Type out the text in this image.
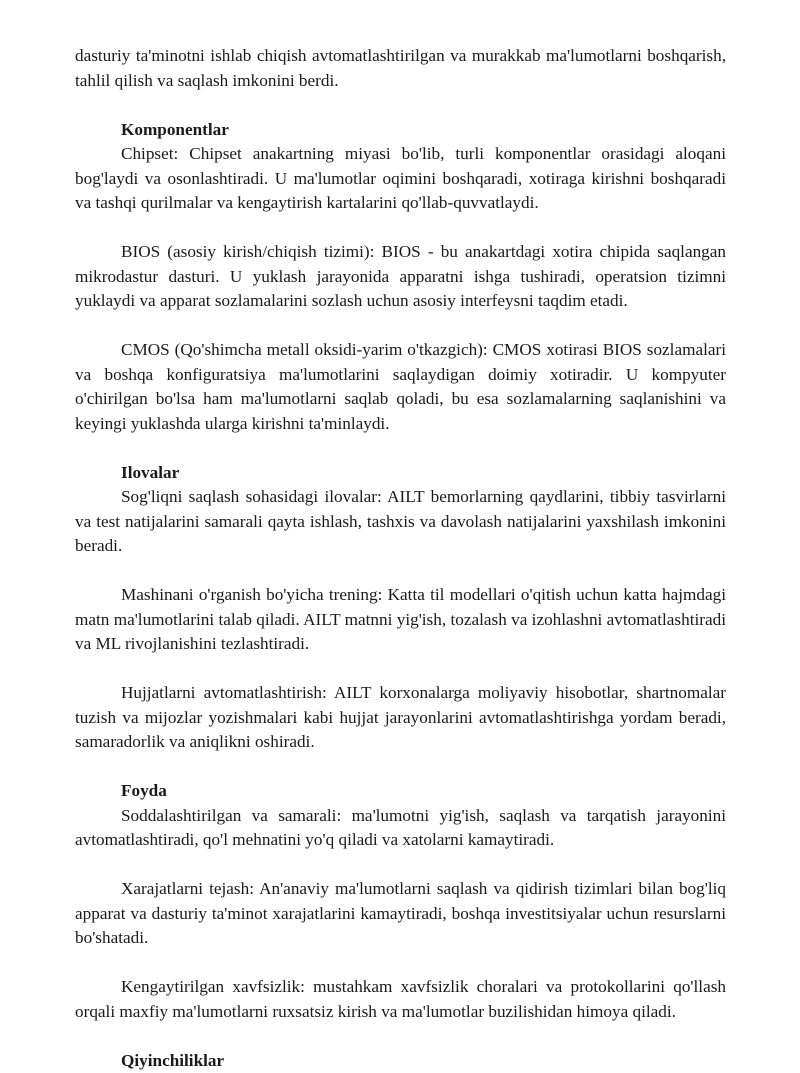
dasturiy ta'minotni ishlab chiqish avtomatlashtirilgan va murakkab ma'lumotlarni boshqarish, tahlil qilish va saqlash imkonini berdi.

Komponentlar

Chipset: Chipset anakartning miyasi bo'lib, turli komponentlar orasidagi aloqani bog'laydi va osonlashtiradi. U ma'lumotlar oqimini boshqaradi, xotiraga kirishni boshqaradi va tashqi qurilmalar va kengaytirish kartalarini qo'llab-quvvatlaydi.

BIOS (asosiy kirish/chiqish tizimi): BIOS - bu anakartdagi xotira chipida saqlangan mikrodastur dasturi. U yuklash jarayonida apparatni ishga tushiradi, operatsion tizimni yuklaydi va apparat sozlamalarini sozlash uchun asosiy interfeysni taqdim etadi.

CMOS (Qo'shimcha metall oksidi-yarim o'tkazgich): CMOS xotirasi BIOS sozlamalari va boshqa konfiguratsiya ma'lumotlarini saqlaydigan doimiy xotiradir. U kompyuter o'chirilgan bo'lsa ham ma'lumotlarni saqlab qoladi, bu esa sozlamalarning saqlanishini va keyingi yuklashda ularga kirishni ta'minlaydi.

Ilovalar

Sog'liqni saqlash sohasidagi ilovalar: AILT bemorlarning qaydlarini, tibbiy tasvirlarni va test natijalarini samarali qayta ishlash, tashxis va davolash natijalarini yaxshilash imkonini beradi.

Mashinani o'rganish bo'yicha trening: Katta til modellari o'qitish uchun katta hajmdagi matn ma'lumotlarini talab qiladi. AILT matnni yig'ish, tozalash va izohlashni avtomatlashtiradi va ML rivojlanishini tezlashtiradi.

Hujjatlarni avtomatlashtirish: AILT korxonalarga moliyaviy hisobotlar, shartnomalar tuzish va mijozlar yozishmalari kabi hujjat jarayonlarini avtomatlashtirishga yordam beradi, samaradorlik va aniqlikni oshiradi.

Foyda

Soddalashtirilgan va samarali: ma'lumotni yig'ish, saqlash va tarqatish jarayonini avtomatlashtiradi, qo'l mehnatini yo'q qiladi va xatolarni kamaytiradi.

Xarajatlarni tejash: An'anaviy ma'lumotlarni saqlash va qidirish tizimlari bilan bog'liq apparat va dasturiy ta'minot xarajatlarini kamaytiradi, boshqa investitsiyalar uchun resurslarni bo'shatadi.

Kengaytirilgan xavfsizlik: mustahkam xavfsizlik choralari va protokollarini qo'llash orqali maxfiy ma'lumotlarni ruxsatsiz kirish va ma'lumotlar buzilishidan himoya qiladi.

Qiyinchiliklar
